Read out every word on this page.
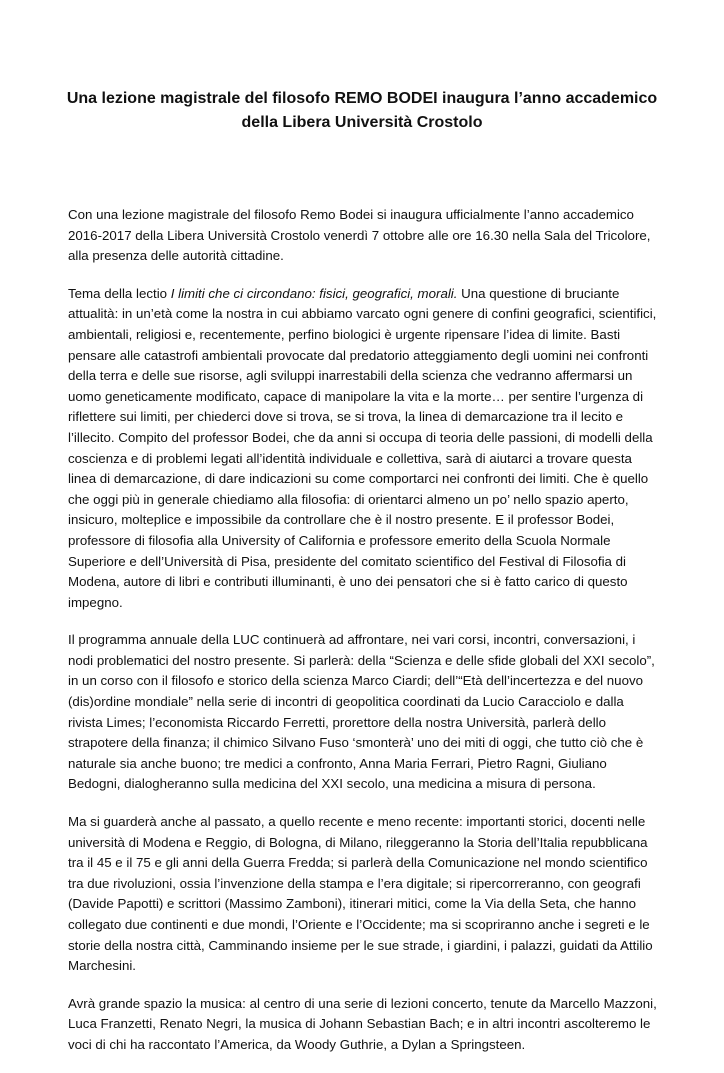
Una lezione magistrale del filosofo REMO BODEI inaugura l’anno accademico della Libera Università Crostolo

Con una lezione magistrale del filosofo Remo Bodei si inaugura ufficialmente l’anno accademico 2016-2017 della Libera Università Crostolo venerdì 7 ottobre alle ore 16.30 nella Sala del Tricolore, alla presenza delle autorità cittadine.

Tema della lectio I limiti che ci circondano: fisici, geografici, morali. Una questione di bruciante attualità: in un’età come la nostra in cui abbiamo varcato ogni genere di confini geografici, scientifici, ambientali, religiosi e, recentemente, perfino biologici è urgente ripensare l’idea di limite. Basti pensare alle catastrofi ambientali provocate dal predatorio atteggiamento degli uomini nei confronti della terra e delle sue risorse, agli sviluppi inarrestabili della scienza che vedranno affermarsi un uomo geneticamente modificato, capace di manipolare la vita e la morte… per sentire l’urgenza di riflettere sui limiti, per chiederci dove si trova, se si trova, la linea di demarcazione tra il lecito e l’illecito. Compito del professor Bodei, che da anni si occupa di teoria delle passioni, di modelli della coscienza e di problemi legati all’identità individuale e collettiva, sarà di aiutarci a trovare questa linea di demarcazione, di dare indicazioni su come comportarci nei confronti dei limiti. Che è quello che oggi più in generale chiediamo alla filosofia: di orientarci almeno un po’ nello spazio aperto, insicuro, molteplice e impossibile da controllare che è il nostro presente. E il professor Bodei, professore di filosofia alla University of California e professore emerito della Scuola Normale Superiore e dell’Università di Pisa, presidente del comitato scientifico del Festival di Filosofia di Modena, autore di libri e contributi illuminanti, è uno dei pensatori che si è fatto carico di questo impegno.

Il programma annuale della LUC continuerà ad affrontare, nei vari corsi, incontri, conversazioni, i nodi problematici del nostro presente. Si parlerà: della “Scienza e delle sfide globali del XXI secolo”, in un corso con il filosofo e storico della scienza Marco Ciardi; dell’“Età dell’incertezza e del nuovo (dis)ordine mondiale” nella serie di incontri di geopolitica coordinati da Lucio Caracciolo e dalla rivista Limes; l’economista Riccardo Ferretti, prorettore della nostra Università, parlerà dello strapotere della finanza; il chimico Silvano Fuso ‘smonterà’ uno dei miti di oggi, che tutto ciò che è naturale sia anche buono; tre medici a confronto, Anna Maria Ferrari, Pietro Ragni, Giuliano Bedogni, dialogheranno sulla medicina del XXI secolo, una medicina a misura di persona.

Ma si guarderà anche al passato, a quello recente e meno recente: importanti storici, docenti nelle università di Modena e Reggio, di Bologna, di Milano, rileggeranno la Storia dell’Italia repubblicana tra il 45 e il 75 e gli anni della Guerra Fredda; si parlerà della Comunicazione nel mondo scientifico tra due rivoluzioni, ossia l’invenzione della stampa e l’era digitale; si ripercorreranno, con geografi (Davide Papotti) e scrittori (Massimo Zamboni), itinerari mitici, come la Via della Seta, che hanno collegato due continenti e due mondi, l’Oriente e l’Occidente; ma si scopriranno anche i segreti e le storie della nostra città, Camminando insieme per le sue strade, i giardini, i palazzi, guidati da Attilio Marchesini.

Avrà grande spazio la musica: al centro di una serie di lezioni concerto, tenute da Marcello Mazzoni, Luca Franzetti, Renato Negri, la musica di Johann Sebastian Bach; e in altri incontri ascolteremo le voci di chi ha raccontato l’America, da Woody Guthrie, a Dylan a Springsteen.
